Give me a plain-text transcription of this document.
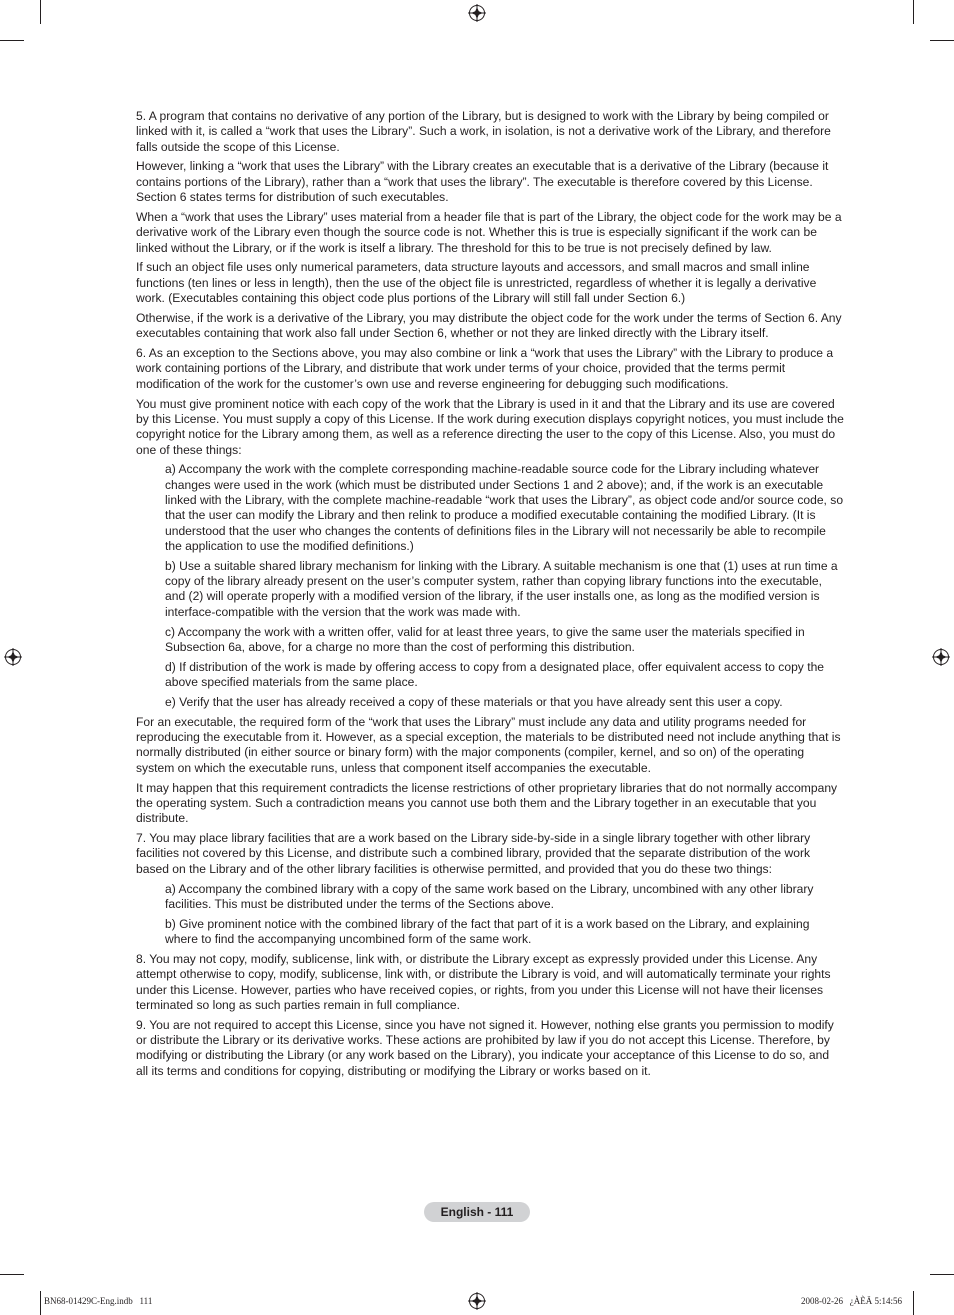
5. A program that contains no derivative of any portion of the Library, but is designed to work with the Library by being compiled or linked with it, is called a “work that uses the Library”. Such a work, in isolation, is not a derivative work of the Library, and therefore falls outside the scope of this License.

However, linking a “work that uses the Library” with the Library creates an executable that is a derivative of the Library (because it contains portions of the Library), rather than a “work that uses the library”. The executable is therefore covered by this License. Section 6 states terms for distribution of such executables.

When a “work that uses the Library” uses material from a header file that is part of the Library, the object code for the work may be a derivative work of the Library even though the source code is not. Whether this is true is especially significant if the work can be linked without the Library, or if the work is itself a library. The threshold for this to be true is not precisely defined by law.

If such an object file uses only numerical parameters, data structure layouts and accessors, and small macros and small inline functions (ten lines or less in length), then the use of the object file is unrestricted, regardless of whether it is legally a derivative work. (Executables containing this object code plus portions of the Library will still fall under Section 6.)

Otherwise, if the work is a derivative of the Library, you may distribute the object code for the work under the terms of Section 6. Any executables containing that work also fall under Section 6, whether or not they are linked directly with the Library itself.

6. As an exception to the Sections above, you may also combine or link a “work that uses the Library” with the Library to produce a work containing portions of the Library, and distribute that work under terms of your choice, provided that the terms permit modification of the work for the customer’s own use and reverse engineering for debugging such modifications.

You must give prominent notice with each copy of the work that the Library is used in it and that the Library and its use are covered by this License. You must supply a copy of this License. If the work during execution displays copyright notices, you must include the copyright notice for the Library among them, as well as a reference directing the user to the copy of this License. Also, you must do one of these things:

a) Accompany the work with the complete corresponding machine-readable source code for the Library including whatever changes were used in the work (which must be distributed under Sections 1 and 2 above); and, if the work is an executable linked with the Library, with the complete machine-readable “work that uses the Library”, as object code and/or source code, so that the user can modify the Library and then relink to produce a modified executable containing the modified Library. (It is understood that the user who changes the contents of definitions files in the Library will not necessarily be able to recompile the application to use the modified definitions.)

b) Use a suitable shared library mechanism for linking with the Library. A suitable mechanism is one that (1) uses at run time a copy of the library already present on the user’s computer system, rather than copying library functions into the executable, and (2) will operate properly with a modified version of the library, if the user installs one, as long as the modified version is interface-compatible with the version that the work was made with.

c) Accompany the work with a written offer, valid for at least three years, to give the same user the materials specified in Subsection 6a, above, for a charge no more than the cost of performing this distribution.

d) If distribution of the work is made by offering access to copy from a designated place, offer equivalent access to copy the above specified materials from the same place.

e) Verify that the user has already received a copy of these materials or that you have already sent this user a copy.

For an executable, the required form of the “work that uses the Library” must include any data and utility programs needed for reproducing the executable from it. However, as a special exception, the materials to be distributed need not include anything that is normally distributed (in either source or binary form) with the major components (compiler, kernel, and so on) of the operating system on which the executable runs, unless that component itself accompanies the executable.

It may happen that this requirement contradicts the license restrictions of other proprietary libraries that do not normally accompany the operating system. Such a contradiction means you cannot use both them and the Library together in an executable that you distribute.

7. You may place library facilities that are a work based on the Library side-by-side in a single library together with other library facilities not covered by this License, and distribute such a combined library, provided that the separate distribution of the work based on the Library and of the other library facilities is otherwise permitted, and provided that you do these two things:

a) Accompany the combined library with a copy of the same work based on the Library, uncombined with any other library facilities. This must be distributed under the terms of the Sections above.

b) Give prominent notice with the combined library of the fact that part of it is a work based on the Library, and explaining where to find the accompanying uncombined form of the same work.

8. You may not copy, modify, sublicense, link with, or distribute the Library except as expressly provided under this License. Any attempt otherwise to copy, modify, sublicense, link with, or distribute the Library is void, and will automatically terminate your rights under this License. However, parties who have received copies, or rights, from you under this License will not have their licenses terminated so long as such parties remain in full compliance.

9. You are not required to accept this License, since you have not signed it. However, nothing else grants you permission to modify or distribute the Library or its derivative works. These actions are prohibited by law if you do not accept this License. Therefore, by modifying or distributing the Library (or any work based on the Library), you indicate your acceptance of this License to do so, and all its terms and conditions for copying, distributing or modifying the Library or works based on it.

English - 111
BN68-01429C-Eng.indb   111	2008-02-26   ¿ÀÈÄ 5:14:56
